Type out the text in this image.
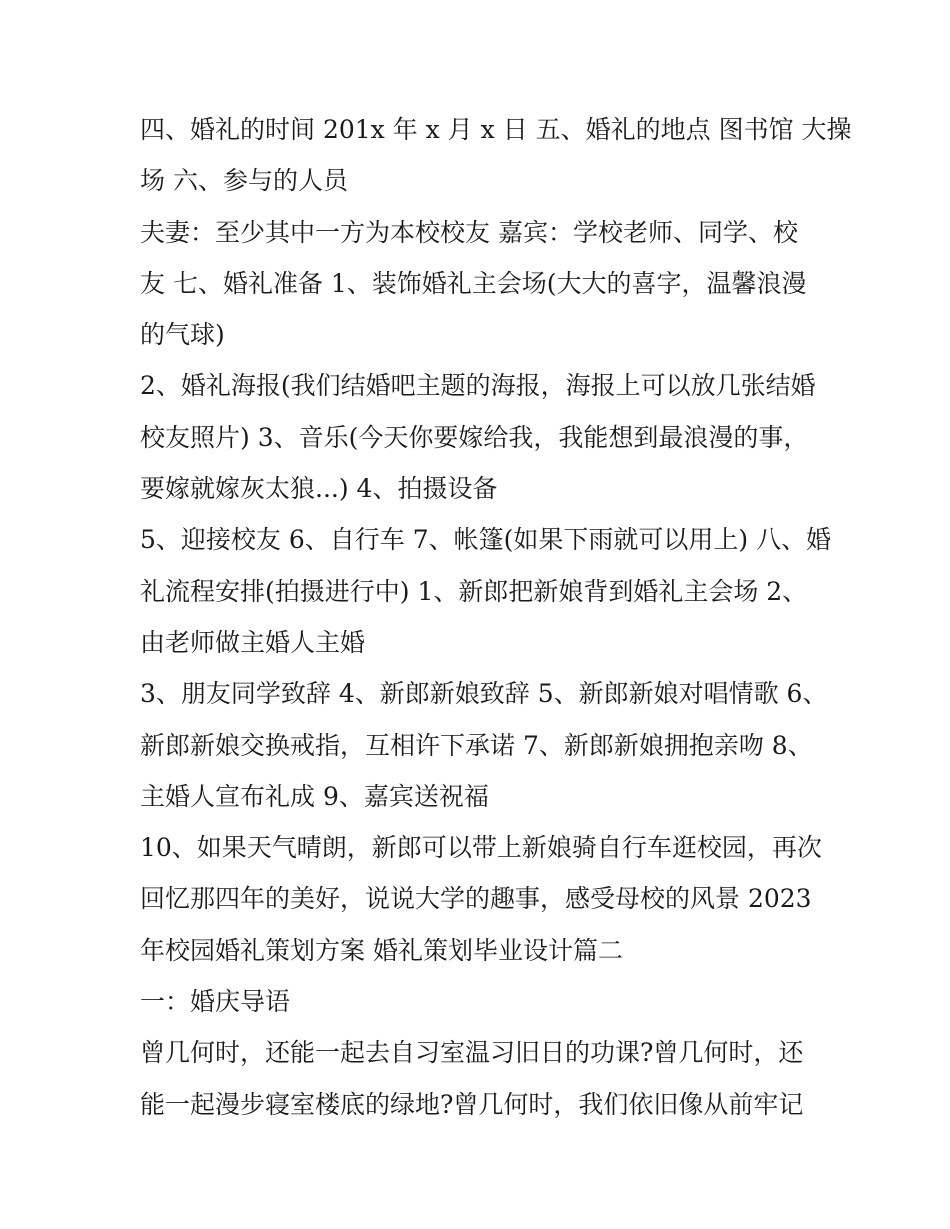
四、婚礼的时间 201x 年 x 月 x 日 五、婚礼的地点 图书馆 大操
场 六、参与的人员
夫妻：至少其中一方为本校校友 嘉宾：学校老师、同学、校
友 七、婚礼准备 1、装饰婚礼主会场(大大的喜字，温馨浪漫
的气球)
2、婚礼海报(我们结婚吧主题的海报，海报上可以放几张结婚
校友照片) 3、音乐(今天你要嫁给我，我能想到最浪漫的事，
要嫁就嫁灰太狼...) 4、拍摄设备
5、迎接校友 6、自行车 7、帐篷(如果下雨就可以用上) 八、婚
礼流程安排(拍摄进行中) 1、新郎把新娘背到婚礼主会场 2、
由老师做主婚人主婚
3、朋友同学致辞 4、新郎新娘致辞 5、新郎新娘对唱情歌 6、
新郎新娘交换戒指，互相许下承诺 7、新郎新娘拥抱亲吻 8、
主婚人宣布礼成 9、嘉宾送祝福
10、如果天气晴朗，新郎可以带上新娘骑自行车逛校园，再次
回忆那四年的美好，说说大学的趣事，感受母校的风景 2023
年校园婚礼策划方案 婚礼策划毕业设计篇二
一：婚庆导语
曾几何时，还能一起去自习室温习旧日的功课?曾几何时，还
能一起漫步寝室楼底的绿地?曾几何时，我们依旧像从前牢记
